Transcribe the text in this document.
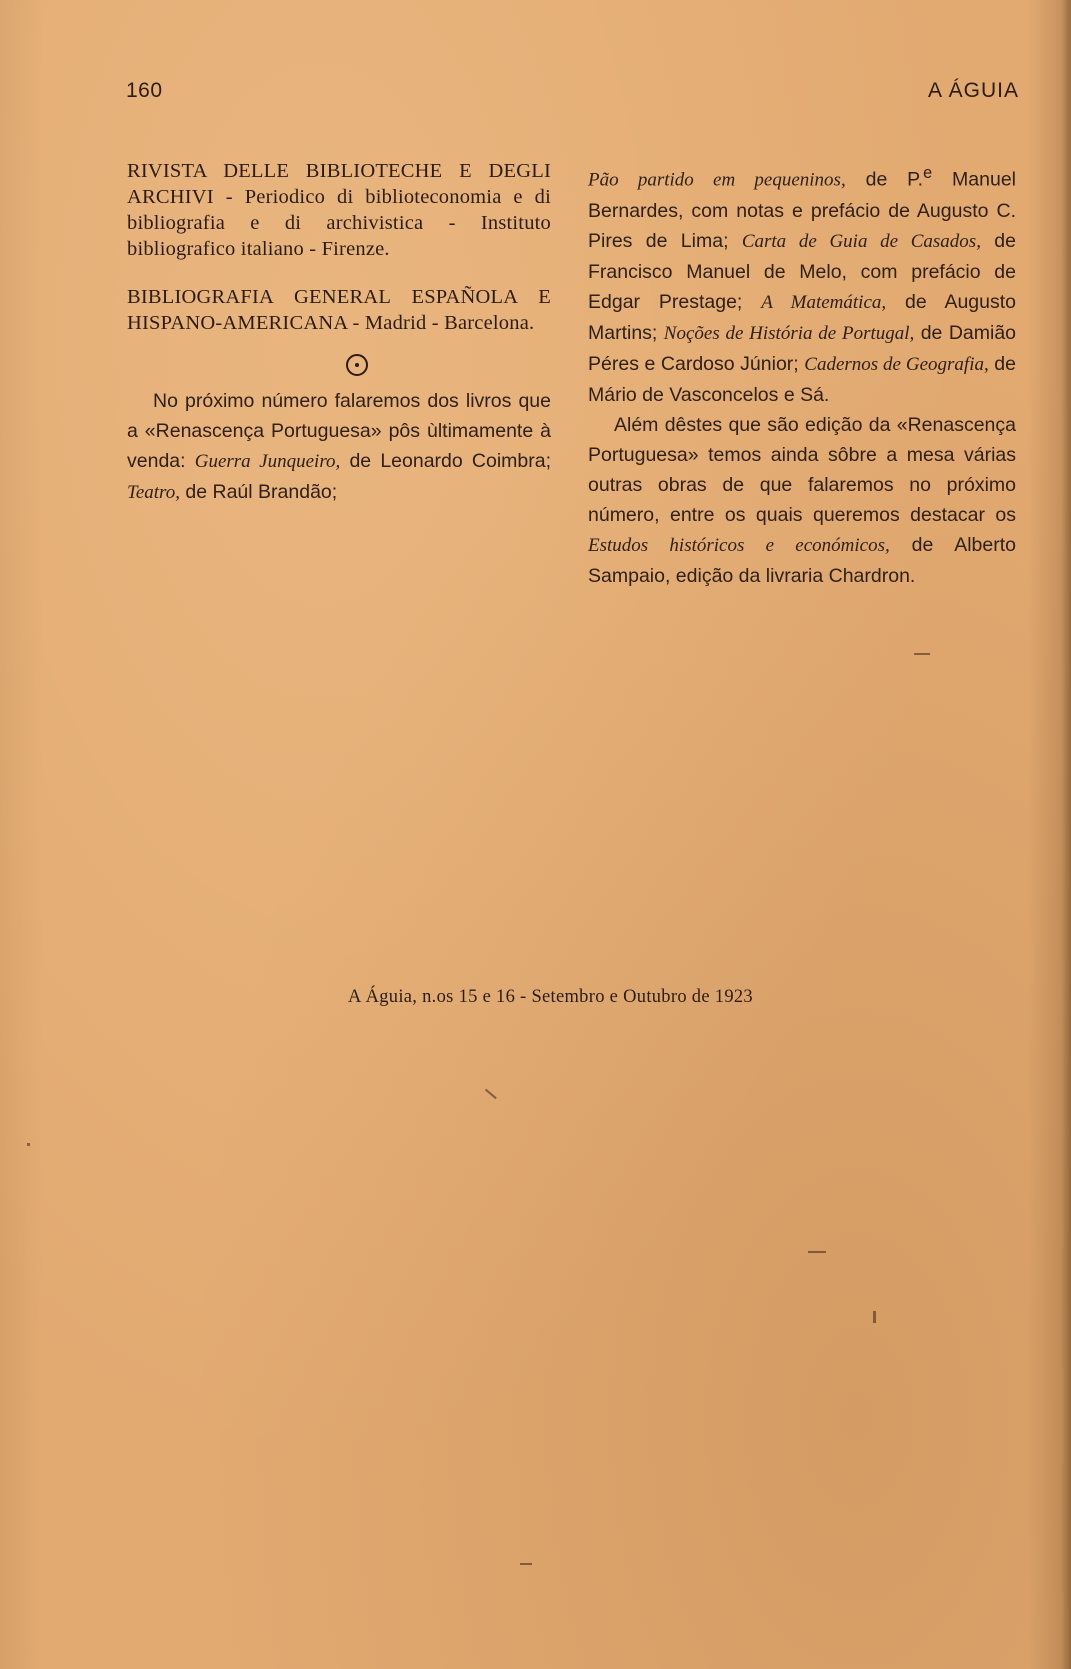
160	A ÁGUIA

RIVISTA DELLE BIBLIOTECHE E DEGLI ARCHIVI - Periodico di biblioteconomia e di bibliografia e di archivistica - Instituto bibliografico italiano - Firenze.

BIBLIOGRAFIA GENERAL ESPAÑOLA E HISPANO-AMERICANA - Madrid - Barcelona.

No próximo número falaremos dos livros que a «Renascença Portuguesa» pôs ùltimamente à venda: Guerra Junqueiro, de Leonardo Coimbra; Teatro, de Raúl Brandão;

Pão partido em pequeninos, de P.$^e$ Manuel Bernardes, com notas e prefácio de Augusto C. Pires de Lima; Carta de Guia de Casados, de Francisco Manuel de Melo, com prefácio de Edgar Prestage; A Matemática, de Augusto Martins; Noções de História de Portugal, de Damião Péres e Cardoso Júnior; Cadernos de Geografia, de Mário de Vasconcelos e Sá.

Além dêstes que são edição da «Renascença Portuguesa» temos ainda sôbre a mesa várias outras obras de que falaremos no próximo número, entre os quais queremos destacar os Estudos históricos e económicos, de Alberto Sampaio, edição da livraria Chardron.

A Águia, n.os 15 e 16 - Setembro e Outubro de 1923
